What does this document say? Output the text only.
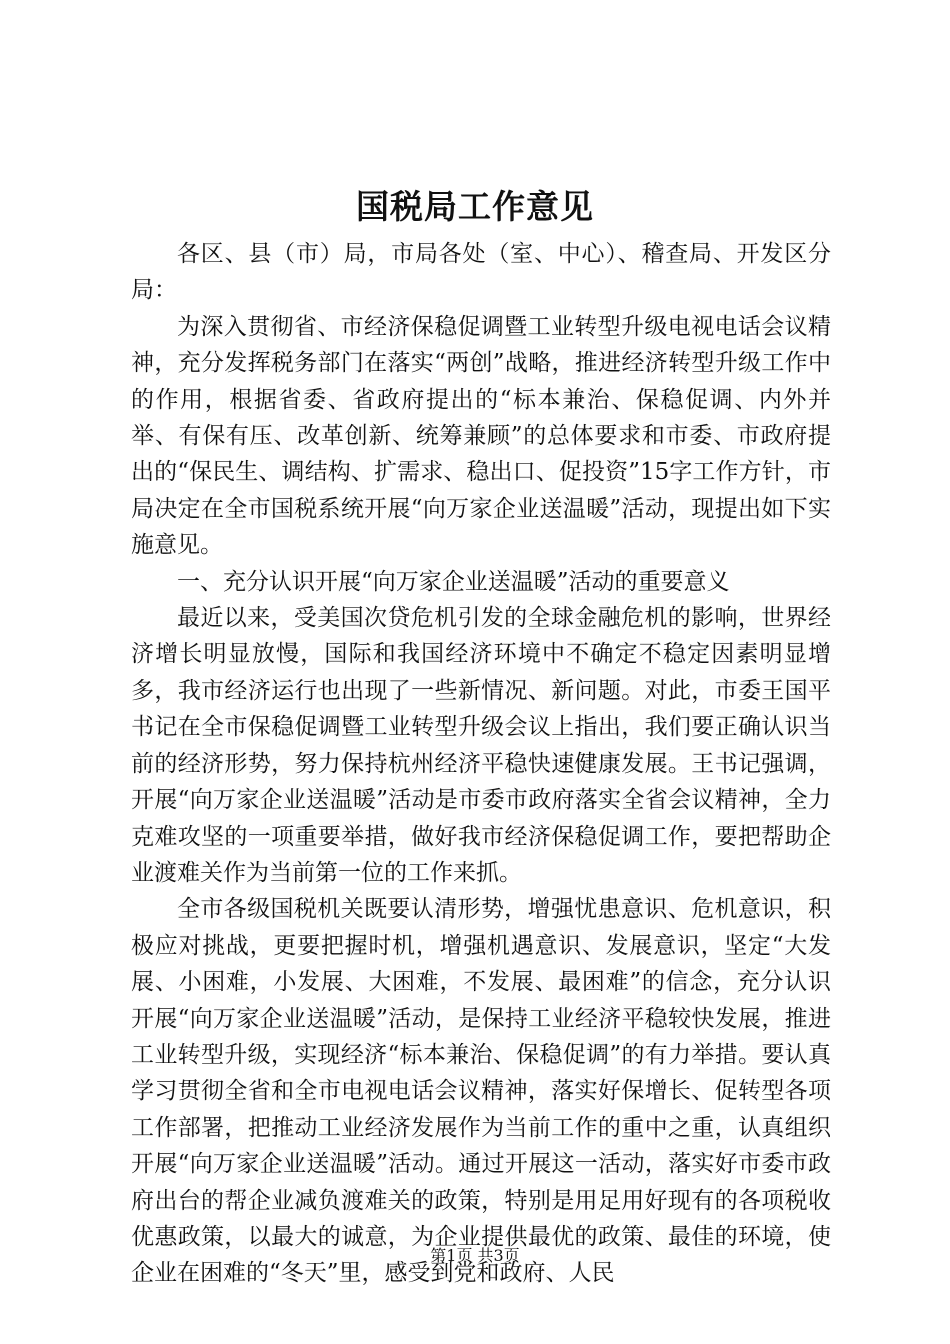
国税局工作意见

各区、县（市）局，市局各处（室、中心）、稽查局、开发区分局：

为深入贯彻省、市经济保稳促调暨工业转型升级电视电话会议精神，充分发挥税务部门在落实“两创”战略，推进经济转型升级工作中的作用，根据省委、省政府提出的“标本兼治、保稳促调、内外并举、有保有压、改革创新、统筹兼顾”的总体要求和市委、市政府提出的“保民生、调结构、扩需求、稳出口、促投资”15字工作方针，市局决定在全市国税系统开展“向万家企业送温暖”活动，现提出如下实施意见。

一、充分认识开展“向万家企业送温暖”活动的重要意义

最近以来，受美国次贷危机引发的全球金融危机的影响，世界经济增长明显放慢，国际和我国经济环境中不确定不稳定因素明显增多，我市经济运行也出现了一些新情况、新问题。对此，市委王国平书记在全市保稳促调暨工业转型升级会议上指出，我们要正确认识当前的经济形势，努力保持杭州经济平稳快速健康发展。王书记强调，开展“向万家企业送温暖”活动是市委市政府落实全省会议精神，全力克难攻坚的一项重要举措，做好我市经济保稳促调工作，要把帮助企业渡难关作为当前第一位的工作来抓。

全市各级国税机关既要认清形势，增强忧患意识、危机意识，积极应对挑战，更要把握时机，增强机遇意识、发展意识，坚定“大发展、小困难，小发展、大困难，不发展、最困难”的信念，充分认识开展“向万家企业送温暖”活动，是保持工业经济平稳较快发展，推进工业转型升级，实现经济“标本兼治、保稳促调”的有力举措。要认真学习贯彻全省和全市电视电话会议精神，落实好保增长、促转型各项工作部署，把推动工业经济发展作为当前工作的重中之重，认真组织开展“向万家企业送温暖”活动。通过开展这一活动，落实好市委市政府出台的帮企业减负渡难关的政策，特别是用足用好现有的各项税收优惠政策，以最大的诚意，为企业提供最优的政策、最佳的环境，使企业在困难的“冬天”里，感受到党和政府、人民

第1页 共3页
